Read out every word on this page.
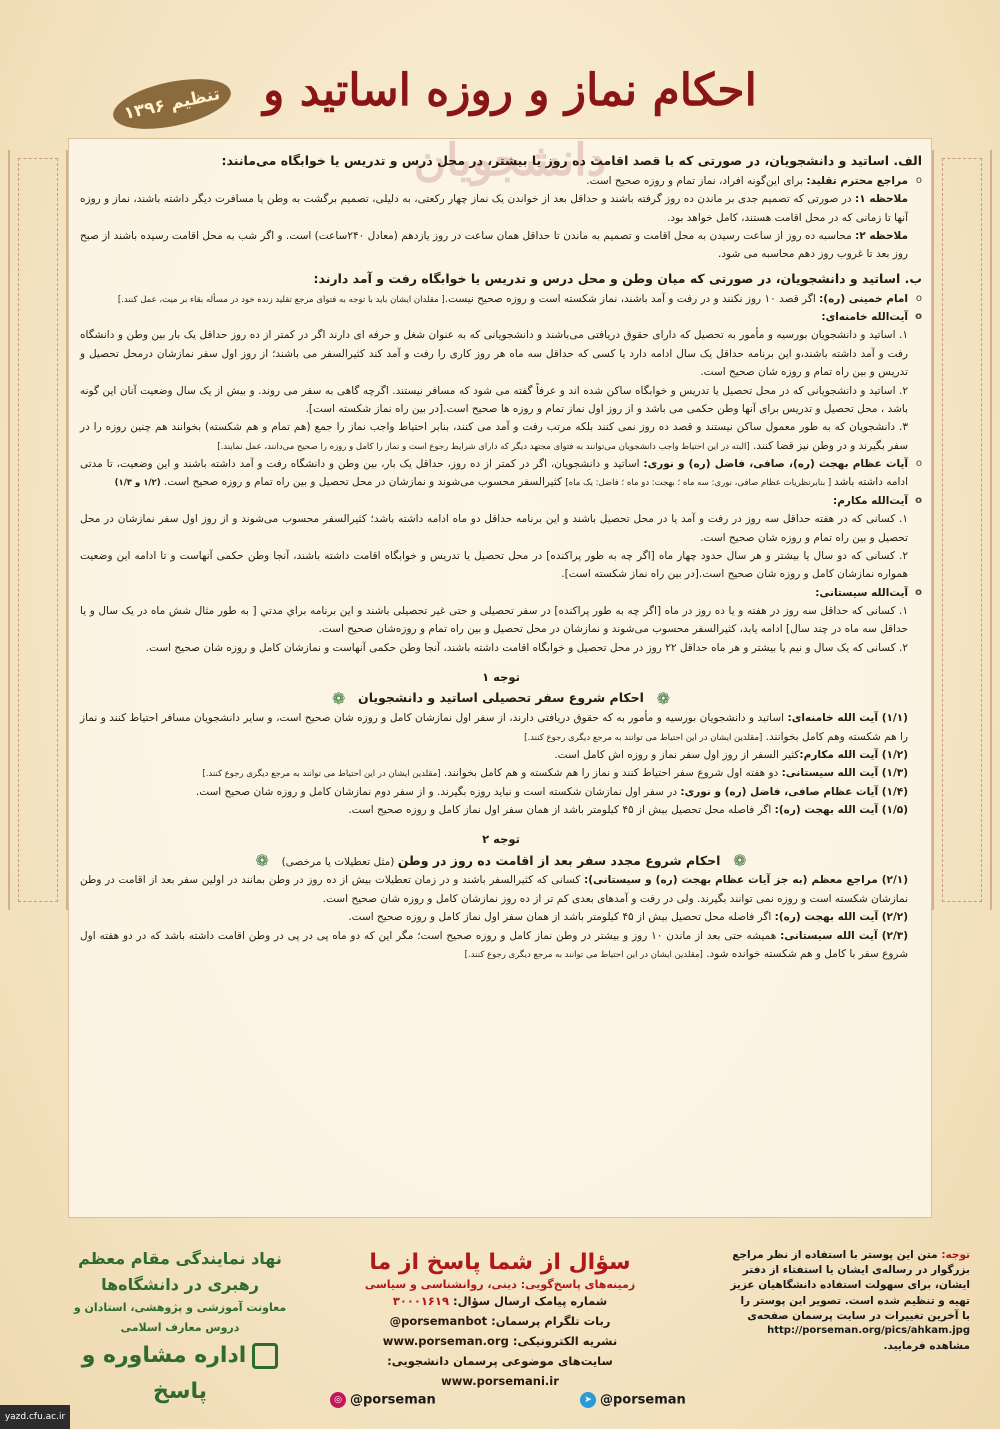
احکام نماز و روزه اساتید و
تنظیم ۱۳۹۶
الف. اساتید و دانشجویان، در صورتی که با قصد اقامت ده روز یا بیشتر، در محل درس و تدریس یا خوابگاه می‌مانند:
o مراجع محترم تقلید: برای این‌گونه افراد، نماز تمام و روزه صحیح است.
ملاحظه ۱: در صورتی که تصمیم جدی بر ماندن ده روز گرفته باشند و حداقل بعد از خواندن یک نماز چهار رکعتی، به دلیلی، تصمیم برگشت به وطن یا مسافرت دیگر داشته باشند، نماز و روزه آنها تا زمانی که در محل اقامت هستند، کامل خواهد بود.
ملاحظه ۲: محاسبه ده روز از ساعت رسیدن به محل اقامت و تصمیم به ماندن تا حداقل همان ساعت در روز یازدهم (معادل ۲۴۰ساعت) است. و اگر شب به محل اقامت رسیده باشند از صبح روز بعد تا غروب روز دهم محاسبه می شود.
ب. اساتید و دانشجویان، در صورتی که میان وطن و محل درس و تدریس یا خوابگاه رفت و آمد دارند:
o امام خمینی (ره): اگر قصد ۱۰ روز نکنند و در رفت و آمد باشند، نماز شکسته است و روزه صحیح نیست.[ مقلدان ایشان باید با توجه به فتوای مرجع تقلید زنده خود در مسأله بقاء بر میت، عمل کنند.]
o آیت‌الله خامنه‌ای:
۱. اساتید و دانشجویان بورسیه و مأمور به تحصیل که دارای حقوق دریافتی می‌باشند و دانشجویانی که به عنوان شغل و حرفه ای دارند اگر در کمتر از ده روز حداقل یک بار بین وطن و دانشگاه رفت و آمد داشته باشند،و این برنامه حداقل یک سال ادامه دارد یا کسی که حداقل سه ماه هر روز کاری را رفت و آمد کند کثیرالسفر می باشند؛ از روز اول سفر نمازشان درمحل تحصیل و تدریس و بین راه تمام و روزه شان صحیح است.
۲. اساتید و دانشجویانی که در محل تحصیل یا تدریس و خوابگاه ساکن شده اند و عرفاً گفته می شود که مسافر نیستند. اگرچه گاهی به سفر می روند. و بیش از یک سال وضعیت آنان این گونه باشد ، محل تحصیل و تدریس برای آنها وطن حکمی می باشد و از روز اول نماز تمام و روزه ها صحیح است.[در بین راه نماز شکسته است].
۳. دانشجویان که به طور معمول ساکن نیستند و قصد ده روز نمی کنند بلکه مرتب رفت و آمد می کنند، بنابر احتیاط واجب نماز را جمع (هم تمام و هم شکسته) بخوانند هم چنین روزه را در سفر بگیرند و در وطن نیز قضا کنند. [البته در این احتیاط واجب دانشجویان می‌توانند به فتوای مجتهد دیگر که دارای شرایط رجوع است و نماز را کامل و روزه را صحیح می‌دانند، عمل نمایند.]
o آیات عظام بهجت (ره)، صافی، فاضل (ره) و نوری: اساتید و دانشجویان، اگر در کمتر از ده روز، حداقل یک بار، بین وطن و دانشگاه رفت و آمد داشته باشند و این وضعیت، تا مدتی ادامه داشته باشد [ بنابرنظریات عظام صافی، نوری: سه ماه ؛ بهجت: دو ماه ؛ فاضل: یک ماه] کثیرالسفر محسوب می‌شوند و نمازشان در محل تحصیل و بین راه تمام و روزه صحیح است. (۱/۲ و ۱/۳)
o آیت‌الله مکارم:
۱. کسانی که در هفته حداقل سه روز در رفت و آمد یا در محل تحصیل باشند و این برنامه حداقل دو ماه ادامه داشته باشد؛ کثیرالسفر محسوب می‌شوند و از روز اول سفر نمازشان در محل تحصیل و بین راه تمام و روزه شان صحیح است.
۲. کسانی که دو سال یا بیشتر و هر سال حدود چهار ماه [اگر چه به طور پراکنده] در محل تحصیل یا تدریس و خوابگاه اقامت داشته باشند، آنجا وطن حکمی آنهاست و تا ادامه این وضعیت همواره نمازشان کامل و روزه شان صحیح است.[در بین راه نماز شکسته است].
o آیت‌الله سیستانی:
۱. کسانی که حداقل سه روز در هفته و یا ده روز در ماه [اگر چه به طور پراکنده] در سفر تحصیلی و حتی غیر تحصیلی باشند و این برنامه براي مدتي [ به طور مثال شش ماه در یک سال و یا حداقل سه ماه در چند سال] ادامه یابد، کثیرالسفر محسوب می‌شوند و نمازشان در محل تحصیل و بین راه تمام و روزه‌شان صحیح است.
۲. کسانی که یک سال و نیم یا بیشتر و هر ماه حداقل ۲۲ روز در محل تحصیل و خوابگاه اقامت داشته باشند، آنجا وطن حکمی آنهاست و نمازشان کامل و روزه شان صحیح است.
توجه ۱
❁ احکام شروع سفر تحصیلی اساتید و دانشجویان ❁
(۱/۱) آیت الله خامنه‌ای: اساتید و دانشجویان بورسیه و مأمور به که حقوق دریافتی دارند، از سفر اول نمازشان کامل و روزه شان صحیح است، و سایر دانشجویان مسافر احتیاط کنند و نماز را هم شکسته وهم کامل بخوانند. [مقلدین ایشان در این احتیاط می توانند به مرجع دیگری رجوع کنند.]
(۱/۲) آیت الله مکارم:کثیر السفر از روز اول سفر نماز و روزه اش کامل است.
(۱/۳) آیت الله سیستانی: دو هفته اول شروع سفر احتیاط کنند و نماز را هم شکسته و هم کامل بخوانند. [مقلدین ایشان در این احتیاط می توانند به مرجع دیگری رجوع کنند.]
(۱/۴) آیات عظام صافی، فاضل (ره) و نوری: در سفر اول نمازشان شکسته است و نباید روزه بگیرند. و از سفر دوم نمازشان کامل و روزه شان صحیح است.
(۱/۵) آیت الله بهجت (ره): اگر فاصله محل تحصیل بیش از ۴۵ کیلومتر باشد از همان سفر اول نماز کامل و روزه صحیح است.
توجه ۲
❁ احکام شروع مجدد سفر بعد از اقامت ده روز در وطن (مثل تعطیلات یا مرخصی) ❁
(۲/۱) مراجع معظم (به جز آیات عظام بهجت (ره) و سیستانی): کسانی که کثیرالسفر باشند و در زمان تعطیلات بیش از ده روز در وطن بمانند در اولین سفر بعد از اقامت در وطن نمازشان شکسته است و روزه نمی توانند بگیرند. ولی در رفت و آمدهای بعدی کم تر از ده روز نمازشان کامل و روزه شان صحیح است.
(۲/۲) آیت الله بهجت (ره): اگر فاصله محل تحصیل بیش از ۴۵ کیلومتر باشد از همان سفر اول نماز کامل و روزه صحیح است.
(۲/۳) آیت الله سیستانی: همیشه حتی بعد از ماندن ۱۰ روز و بیشتر در وطن نماز کامل و روزه صحیح است؛ مگر این که دو ماه پی در پی در وطن اقامت داشته باشد که در دو هفته اول شروع سفر با کامل و هم شکسته خوانده شود. [مقلدین ایشان در این احتیاط می توانند به مرجع دیگری رجوع کنند.]
توجه: متن این پوستر با استفاده از نظر مراجع بزرگوار در رساله‌ی ایشان یا استفتاء از دفتر ایشان، برای سهولت استفاده دانشگاهیان عزیز تهیه و تنظیم شده است. تصویر این پوستر را با آخرین تغییرات در سایت پرسمان صفحه‌ی
http://porseman.org/pics/ahkam.jpg
مشاهده فرمایید.
سؤال از شما پاسخ از ما
زمینه‌های پاسخ‌گویی: دینی، روانشناسی و سیاسی
شماره پیامک ارسال سؤال: ۳۰۰۰۱۶۱۹
ربات تلگرام پرسمان: @porsemanbot
نشریه الکترونیکی: www.porseman.org
سایت‌های موضوعی پرسمان دانشجویی: www.porsemani.ir
نهاد نمایندگی مقام معظم رهبری در دانشگاه‌ها
معاونت آموزشی و پژوهشی، استادان و دروس معارف اسلامی
اداره مشاوره و پاسخ	➤ @porseman
◎ @porseman
yazd.cfu.ac.ir
